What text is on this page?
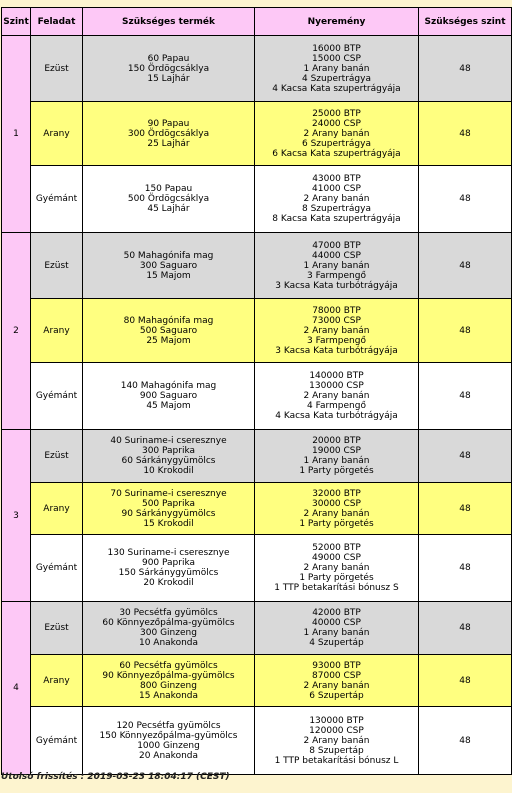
Szint	Feladat	Szükséges termék	Nyeremény	Szükséges szint
1	Ezüst	60 Papau
150 Ördögcsáklya
15 Lajhár	16000 BTP
15000 CSP
1 Arany banán
4 Szupertrágya
4 Kacsa Kata szupertrágyája	48
	Arany	90 Papau
300 Ördögcsáklya
25 Lajhár	25000 BTP
24000 CSP
2 Arany banán
6 Szupertrágya
6 Kacsa Kata szupertrágyája	48
	Gyémánt	150 Papau
500 Ördögcsáklya
45 Lajhár	43000 BTP
41000 CSP
2 Arany banán
8 Szupertrágya
8 Kacsa Kata szupertrágyája	48
2	Ezüst	50 Mahagónifa mag
300 Saguaro
15 Majom	47000 BTP
44000 CSP
1 Arany banán
3 Farmpengő
3 Kacsa Kata turbótrágyája	48
	Arany	80 Mahagónifa mag
500 Saguaro
25 Majom	78000 BTP
73000 CSP
2 Arany banán
3 Farmpengő
3 Kacsa Kata turbótrágyája	48
	Gyémánt	140 Mahagónifa mag
900 Saguaro
45 Majom	140000 BTP
130000 CSP
2 Arany banán
4 Farmpengő
4 Kacsa Kata turbótrágyája	48
3	Ezüst	40 Suriname-i cseresznye
300 Paprika
60 Sárkánygyümölcs
10 Krokodil	20000 BTP
19000 CSP
1 Arany banán
1 Party pörgetés	48
	Arany	70 Suriname-i cseresznye
500 Paprika
90 Sárkánygyümölcs
15 Krokodil	32000 BTP
30000 CSP
2 Arany banán
1 Party pörgetés	48
	Gyémánt	130 Suriname-i cseresznye
900 Paprika
150 Sárkánygyümölcs
20 Krokodil	52000 BTP
49000 CSP
2 Arany banán
1 Party pörgetés
1 TTP betakarítási bónusz S	48
4	Ezüst	30 Pecsétfa gyümölcs
60 Könnyezőpálma-gyümölcs
300 Ginzeng
10 Anakonda	42000 BTP
40000 CSP
1 Arany banán
4 Szupertáp	48
	Arany	60 Pecsétfa gyümölcs
90 Könnyezőpálma-gyümölcs
800 Ginzeng
15 Anakonda	93000 BTP
87000 CSP
2 Arany banán
6 Szupertáp	48
	Gyémánt	120 Pecsétfa gyümölcs
150 Könnyezőpálma-gyümölcs
1000 Ginzeng
20 Anakonda	130000 BTP
120000 CSP
2 Arany banán
8 Szupertáp
1 TTP betakarítási bónusz L	48
Utolsó frissítés : 2019-03-23 18:04:17 (CEST)
